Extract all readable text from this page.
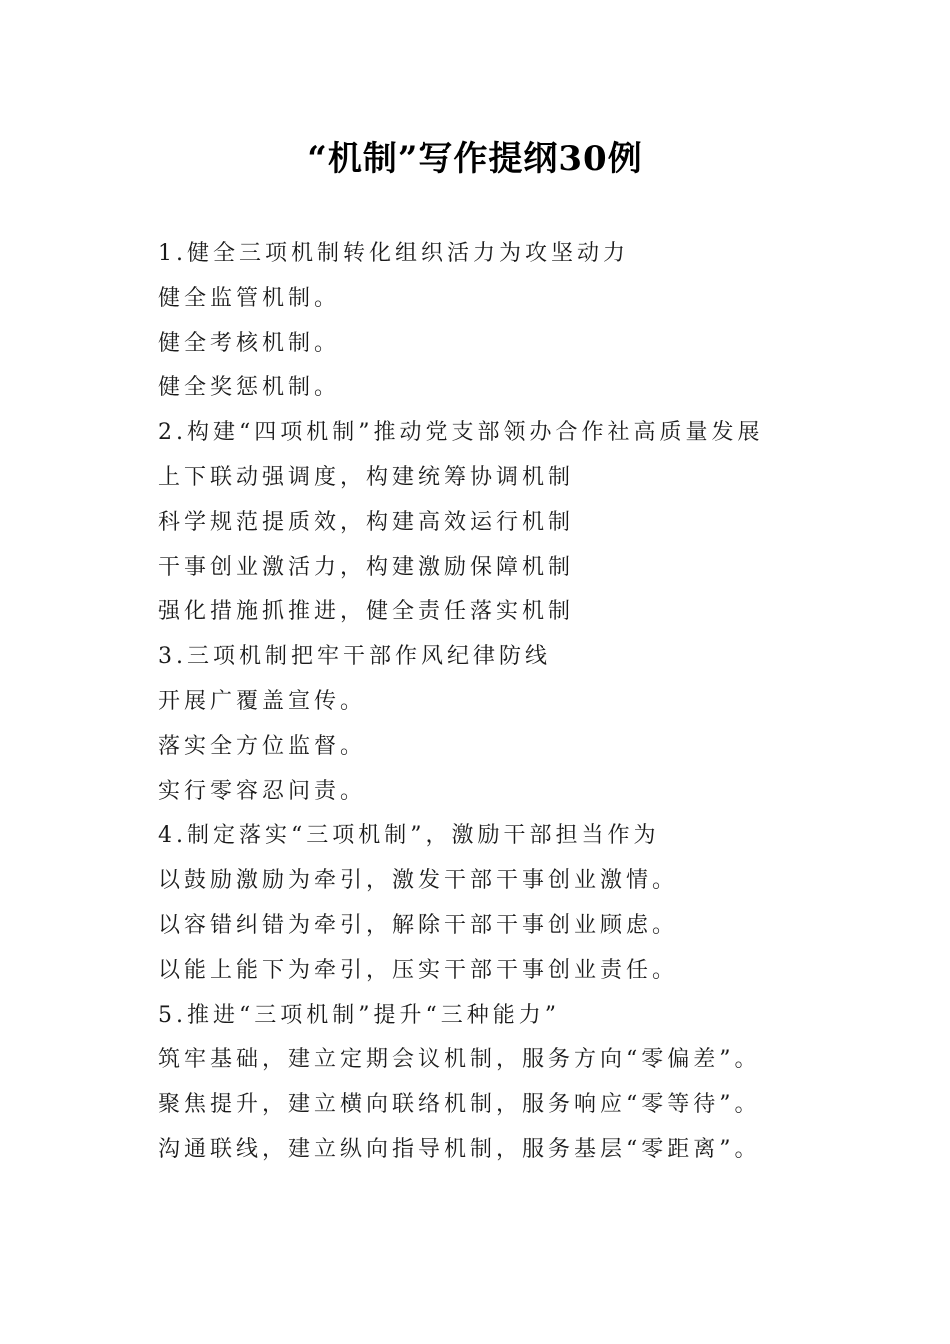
“机制”写作提纲30例
1.健全三项机制转化组织活力为攻坚动力
健全监管机制。
健全考核机制。
健全奖惩机制。
2.构建“四项机制”推动党支部领办合作社高质量发展
上下联动强调度，构建统筹协调机制
科学规范提质效，构建高效运行机制
干事创业激活力，构建激励保障机制
强化措施抓推进，健全责任落实机制
3.三项机制把牢干部作风纪律防线
开展广覆盖宣传。
落实全方位监督。
实行零容忍问责。
4.制定落实“三项机制”，激励干部担当作为
以鼓励激励为牵引，激发干部干事创业激情。
以容错纠错为牵引，解除干部干事创业顾虑。
以能上能下为牵引，压实干部干事创业责任。
5.推进“三项机制”提升“三种能力”
筑牢基础，建立定期会议机制，服务方向“零偏差”。
聚焦提升，建立横向联络机制，服务响应“零等待”。
沟通联线，建立纵向指导机制，服务基层“零距离”。
